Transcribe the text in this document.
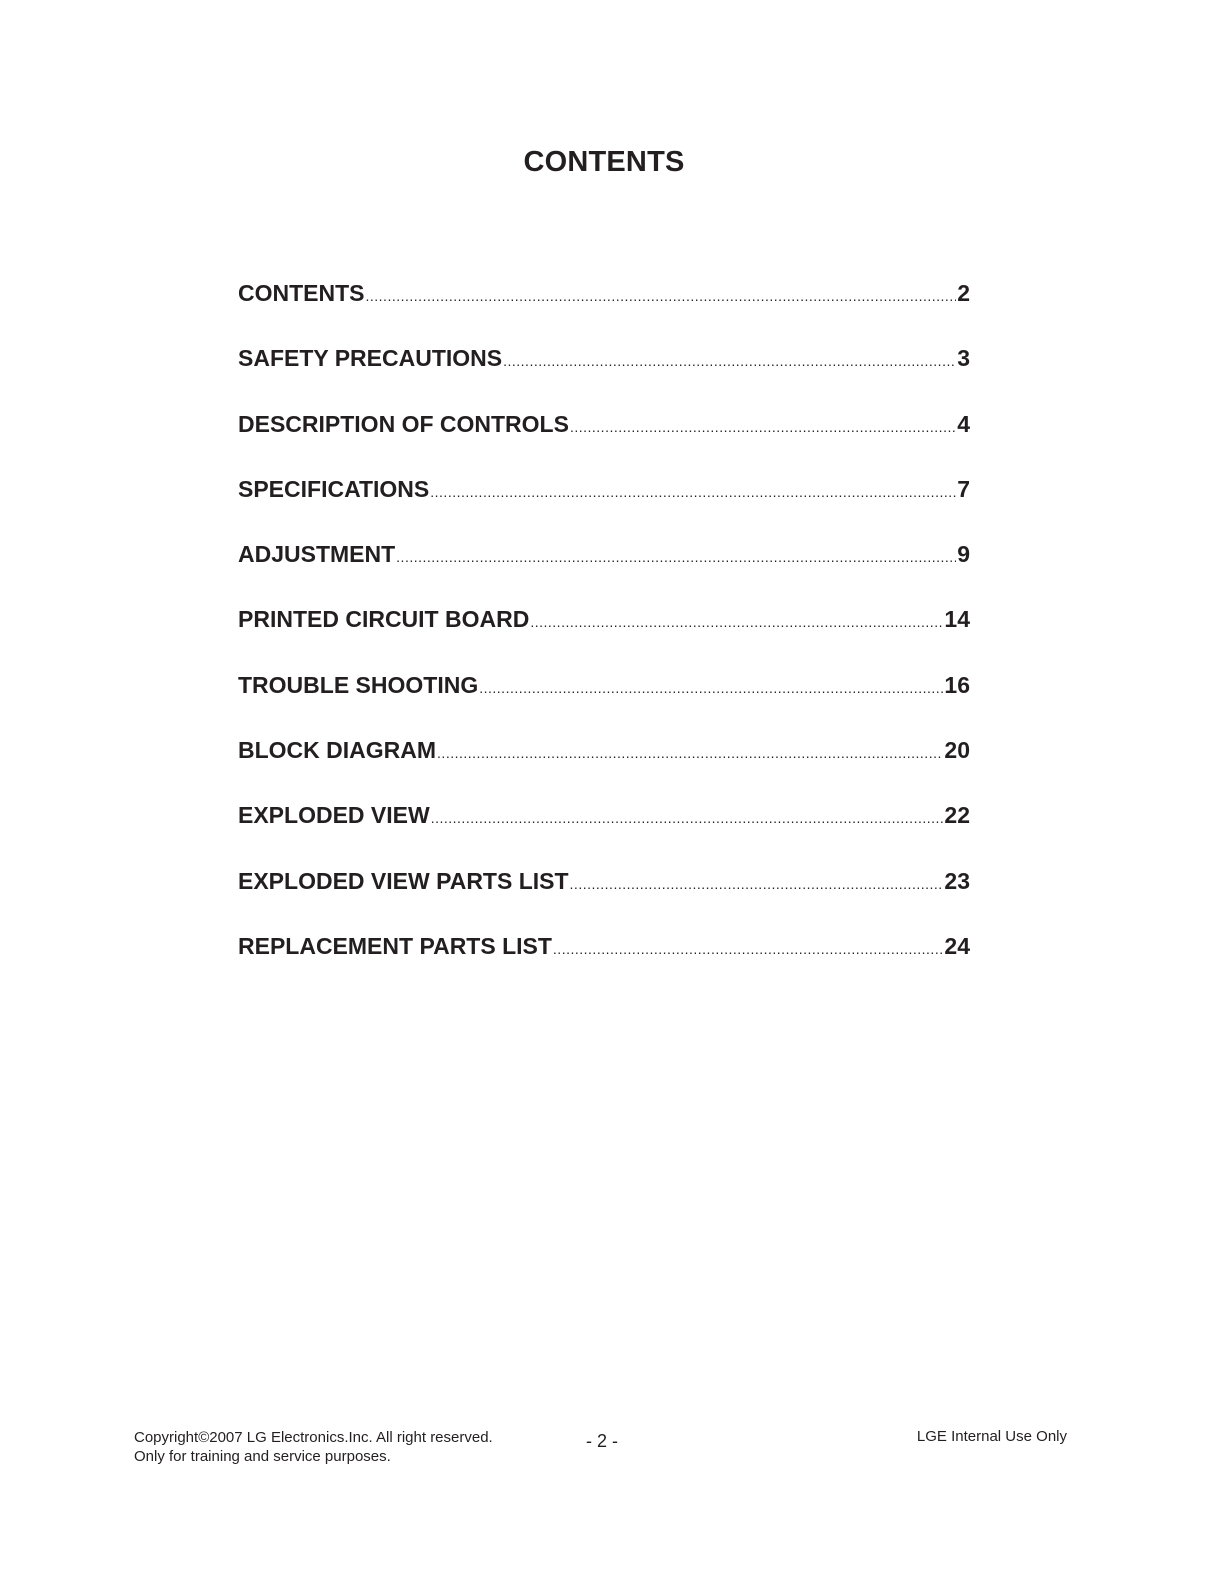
CONTENTS
CONTENTS .....	2
SAFETY PRECAUTIONS .....	3
DESCRIPTION OF CONTROLS .....	4
SPECIFICATIONS .....	7
ADJUSTMENT .....	9
PRINTED CIRCUIT BOARD .....	14
TROUBLE SHOOTING .....	16
BLOCK DIAGRAM .....	20
EXPLODED VIEW .....	22
EXPLODED VIEW PARTS LIST .....	23
REPLACEMENT PARTS LIST .....	24
Copyright©2007 LG Electronics.Inc. All right reserved.
Only for training and service purposes.
- 2 -	LGE Internal Use Only
